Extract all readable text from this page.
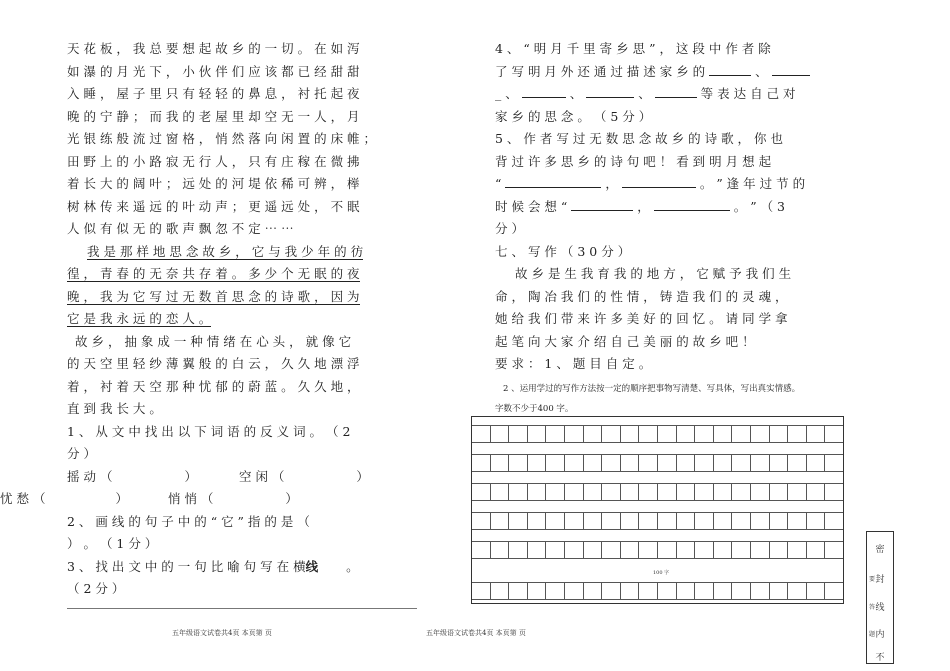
天 花 板 ， 我 总 要 想 起 故 乡 的 一 切 。 在 如 泻
如 瀑 的 月 光 下 ， 小 伙 伴 们 应 该 都 已 经 甜 甜
入 睡 ， 屋 子 里 只 有 轻 轻 的 鼻 息 ， 衬 托 起 夜
晚 的 宁 静 ； 而 我 的 老 屋 里 却 空 无 一 人 ， 月
光 银 练 般 流 过 窗 格 ， 悄 然 落 向 闲 置 的 床 帷 ；
田 野 上 的 小 路 寂 无 行 人 ， 只 有 庄 稼 在 微 拂
着 长 大 的 阔 叶 ； 远 处 的 河 堤 依 稀 可 辨 ， 榉
树 林 传 来 遥 远 的 叶 动 声 ； 更 遥 远 处 ， 不 眠
人 似 有 似 无 的 歌 声 飘 忽 不 定 ⋯ ⋯
我 是 那 样 地 思 念 故 乡 ， 它 与 我 少 年 的 彷
徨 ， 青 春 的 无 奈 共 存 着 。 多 少 个 无 眠 的 夜
晚 ， 我 为 它 写 过 无 数 首 思 念 的 诗 歌 ， 因 为
它 是 我 永 远 的 恋 人 。
故 乡 ， 抽 象 成 一 种 情 绪 在 心 头 ， 就 像 它
的 天 空 里 轻 纱 薄 翼 般 的 白 云 ， 久 久 地 漂 浮
着 ， 衬 着 天 空 那 种 忧 郁 的 蔚 蓝 。 久 久 地 ，
直 到 我 长 大 。
1 、 从 文 中 找 出 以 下 词 语 的 反 义 词 。 （ 2
分 ）
摇 动 （	）	空 闲 （	）
忧 愁 （	）	悄 悄 （	）
2 、 画 线 的 句 子 中 的 “ 它 ” 指 的 是 （
） 。 （ 1 分 ）
3 、 找 出 文 中 的 一 句 比 喻 句 写 在 横线 。
（ 2 分 ）
4 、 “ 明 月 千 里 寄 乡 思 ” ， 这 段 中 作 者 除
了 写 明 月 外 还 通 过 描 述 家 乡 的	、
_ 、	、	、	等 表 达 自 己 对
家 乡 的 思 念 。 （ 5 分 ）
5 、 作 者 写 过 无 数 思 念 故 乡 的 诗 歌 ， 你 也
背 过 许 多 思 乡 的 诗 句 吧 ！ 看 到 明 月 想 起
“	，	。 ” 逢 年 过 节 的
时 候 会 想 “	，	。 ” （ 3
分 ）
七 、 写 作 （ 3 0 分 ）
故 乡 是 生 我 育 我 的 地 方 ， 它 赋 予 我 们 生
命 ， 陶 冶 我 们 的 性 情 ， 铸 造 我 们 的 灵 魂 ，
她 给 我 们 带 来 许 多 美 好 的 回 忆 。 请 同 学 拿
起 笔 向 大 家 介 绍 自 己 美 丽 的 故 乡 吧 ！
要 求 ： 1 、 题 目 自 定 。
2 、运用学过的写作方法按一定的顺序把事物写清楚、写具体，写出真实情感。
字数不少于400 字。
100 字
五年级语文试卷共4页 本页第 页	五年级语文试卷共4页 本页第 页
密
封
线
内
不
要
答
题
